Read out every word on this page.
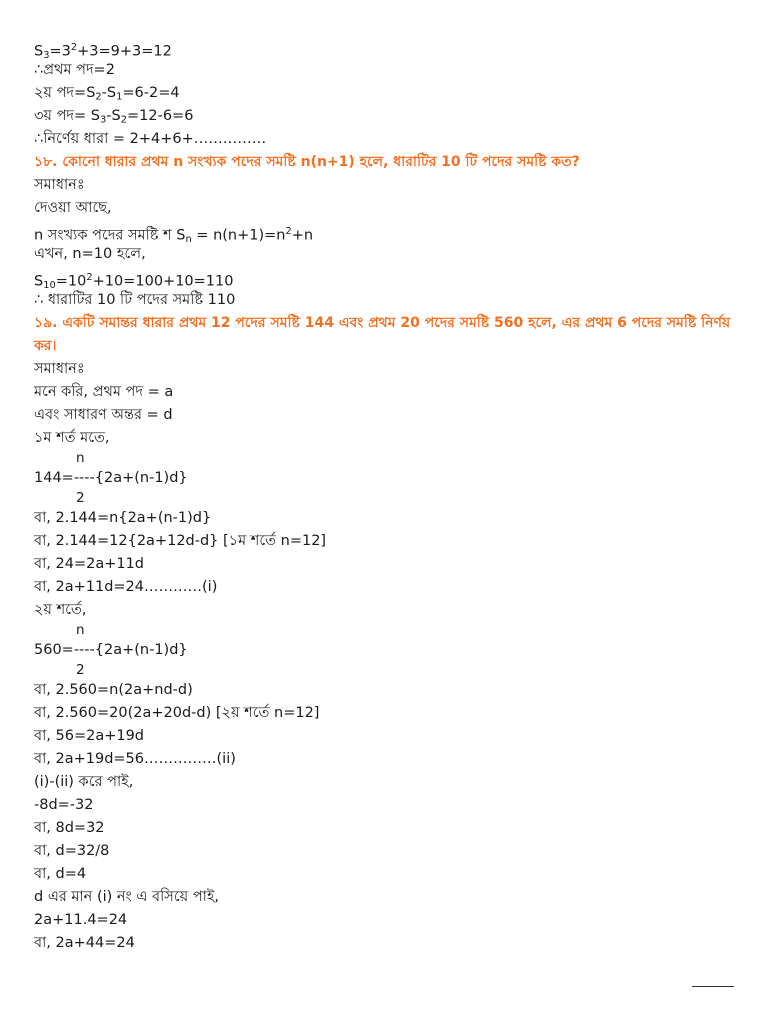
$S_3=3^2+3=9+3=12$
∴প্রথম পদ=2
২য় $পদ=S_2-S_1=6-2=4$
৩য় পদ= $S_3-S_2=12-6=6$
∴নির্ণেয় ধারা = 2+4+6+……………
১৮. কোনো ধারার প্রথম n সংখ্যক পদের সমষ্টি n(n+1) হলে, ধারাটির 10 টি পদের সমষ্টি কত?
সমাধানঃ
দেওয়া আছে,
n সংখ্যক পদের সমষ্টি শ $S_n = n(n+1)=n^2+n$
এখন, n=10 হলে,
$S_{10}=10^2+10=100+10=110$
∴ ধারাটির 10 টি পদের সমষ্টি 110
১৯. একটি সমান্তর ধারার প্রথম 12 পদের সমষ্টি 144 এবং প্রথম 20 পদের সমষ্টি 560 হলে, এর প্রথম 6 পদের সমষ্টি নির্ণয় কর।
সমাধানঃ
মনে করি, প্রথম পদ = a
এবং সাধারণ অন্তর = d
১ম শর্ত মতে,
n
144=----{2a+(n-1)d}
2
বা, 2.144=n{2a+(n-1)d}
বা, 2.144=12{2a+12d-d} [১ম শর্তে n=12]
বা, 24=2a+11d
বা, 2a+11d=24…………(i)
২য় শর্তে,
n
560=----{2a+(n-1)d}
2
বা, 2.560=n(2a+nd-d)
বা, 2.560=20(2a+20d-d) [২য় শর্তে n=12]
বা, 56=2a+19d
বা, 2a+19d=56……………(ii)
(i)-(ii) করে পাই,
-8d=-32
বা, 8d=32
বা, d=32/8
বা, d=4
d এর মান (i) নং এ বসিয়ে পাই,
2a+11.4=24
বা, 2a+44=24
